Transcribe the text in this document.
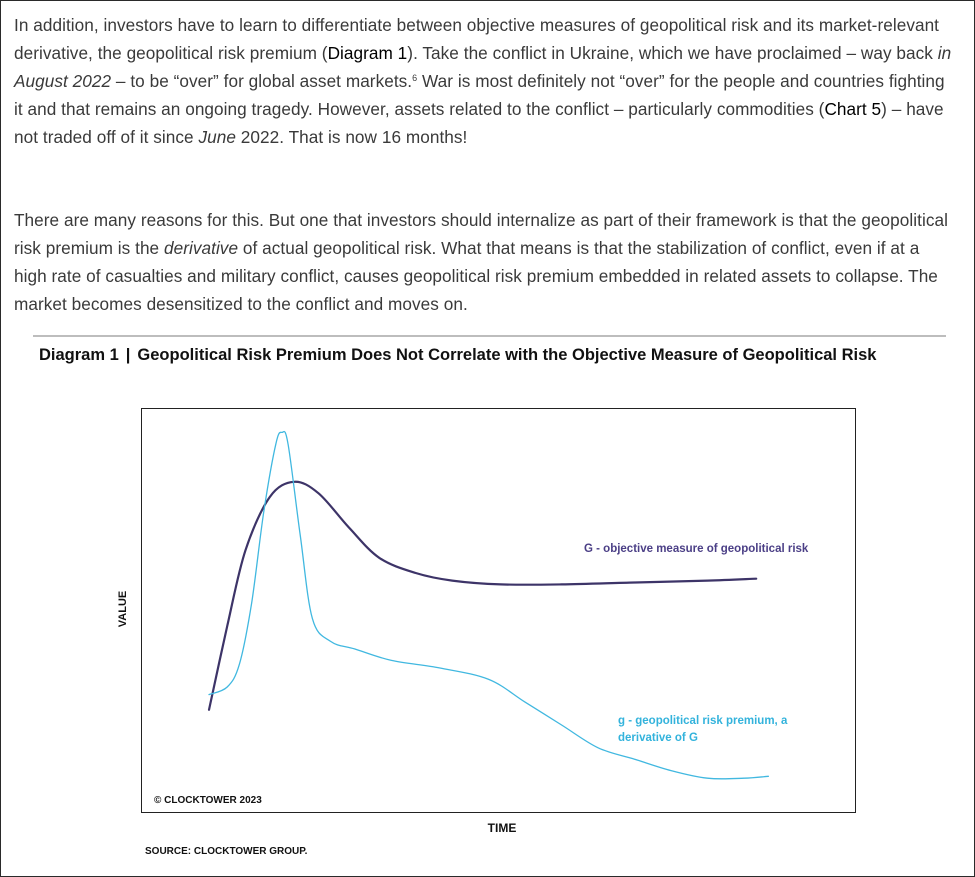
In addition, investors have to learn to differentiate between objective measures of geopolitical risk and its market-relevant derivative, the geopolitical risk premium (Diagram 1). Take the conflict in Ukraine, which we have proclaimed – way back in August 2022 – to be “over” for global asset markets.$^6$ War is most definitely not “over” for the people and countries fighting it and that remains an ongoing tragedy. However, assets related to the conflict – particularly commodities (Chart 5) – have not traded off of it since June 2022. That is now 16 months!

There are many reasons for this. But one that investors should internalize as part of their framework is that the geopolitical risk premium is the derivative of actual geopolitical risk. What that means is that the stabilization of conflict, even if at a high rate of casualties and military conflict, causes geopolitical risk premium embedded in related assets to collapse. The market becomes desensitized to the conflict and moves on.

Diagram 1 | Geopolitical Risk Premium Does Not Correlate with the Objective Measure of Geopolitical Risk
VALUE
TIME
© CLOCKTOWER 2023
G - objective measure of geopolitical risk
g - geopolitical risk premium, a derivative of G
SOURCE: CLOCKTOWER GROUP.
